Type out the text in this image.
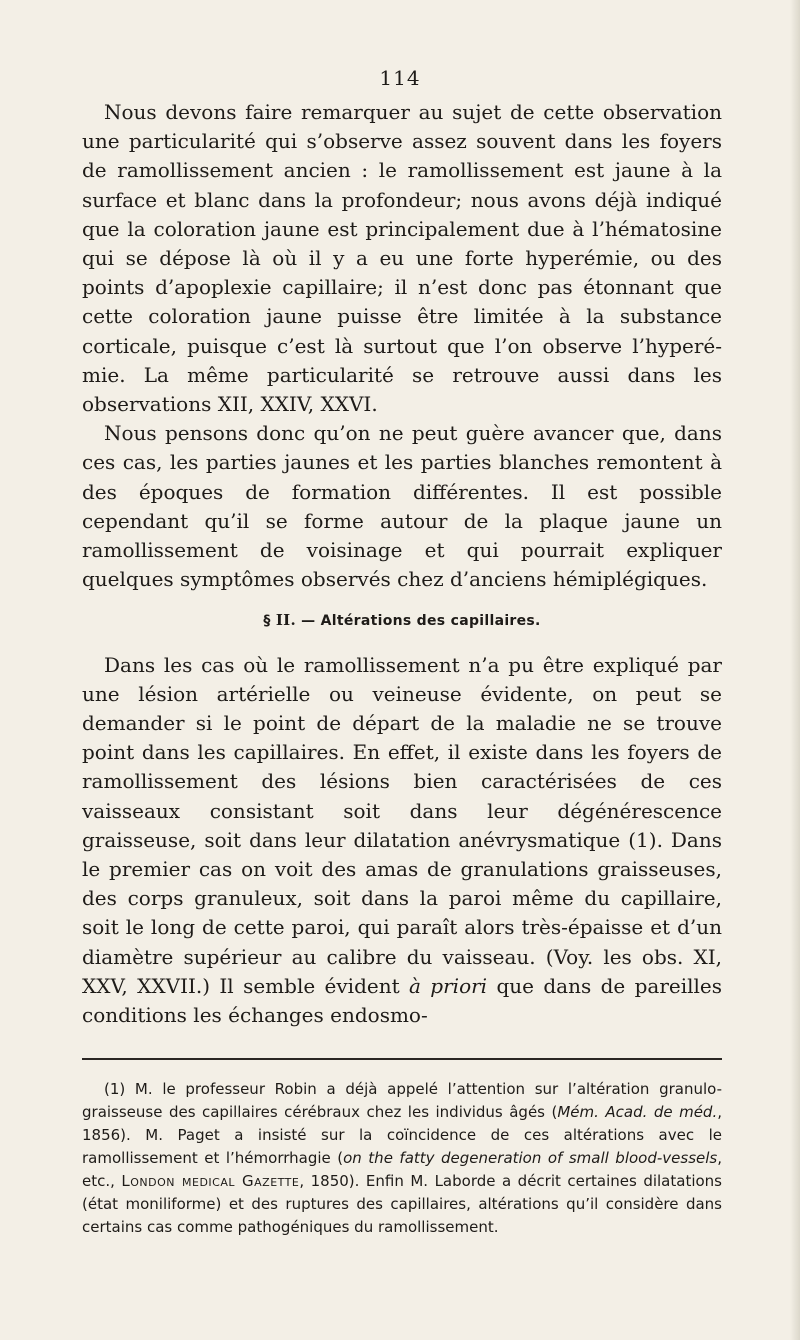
114

Nous devons faire remarquer au sujet de cette observation une particularité qui s’observe assez souvent dans les foyers de ramollissement ancien : le ramollissement est jaune à la surface et blanc dans la profondeur; nous avons déjà indiqué que la coloration jaune est principalement due à l’hématosine qui se dépose là où il y a eu une forte hyperémie, ou des points d’apoplexie capillaire; il n’est donc pas étonnant que cette coloration jaune puisse être limitée à la substance corticale, puisque c’est là surtout que l’on observe l’hyperémie. La même particularité se retrouve aussi dans les observations XII, XXIV, XXVI.

Nous pensons donc qu’on ne peut guère avancer que, dans ces cas, les parties jaunes et les parties blanches remontent à des époques de formation différentes. Il est possible cependant qu’il se forme autour de la plaque jaune un ramollissement de voisinage et qui pourrait expliquer quelques symptômes observés chez d’anciens hémiplégiques.

§ II. — Altérations des capillaires.

Dans les cas où le ramollissement n’a pu être expliqué par une lésion artérielle ou veineuse évidente, on peut se demander si le point de départ de la maladie ne se trouve point dans les capillaires. En effet, il existe dans les foyers de ramollissement des lésions bien caractérisées de ces vaisseaux consistant soit dans leur dégénérescence graisseuse, soit dans leur dilatation anévrysmatique (1). Dans le premier cas on voit des amas de granulations graisseuses, des corps granuleux, soit dans la paroi même du capillaire, soit le long de cette paroi, qui paraît alors très-épaisse et d’un diamètre supérieur au calibre du vaisseau. (Voy. les obs. XI, XXV, XXVII.) Il semble évident à priori que dans de pareilles conditions les échanges endosmo-

(1) M. le professeur Robin a déjà appelé l’attention sur l’altération granulo-graisseuse des capillaires cérébraux chez les individus âgés (Mém. Acad. de méd., 1856). M. Paget a insisté sur la coïncidence de ces altérations avec le ramollissement et l’hémorrhagie (on the fatty degeneration of small blood-vessels, etc., London medical Gazette, 1850). Enfin M. Laborde a décrit certaines dilatations (état moniliforme) et des ruptures des capillaires, altérations qu’il considère dans certains cas comme pathogéniques du ramollissement.
